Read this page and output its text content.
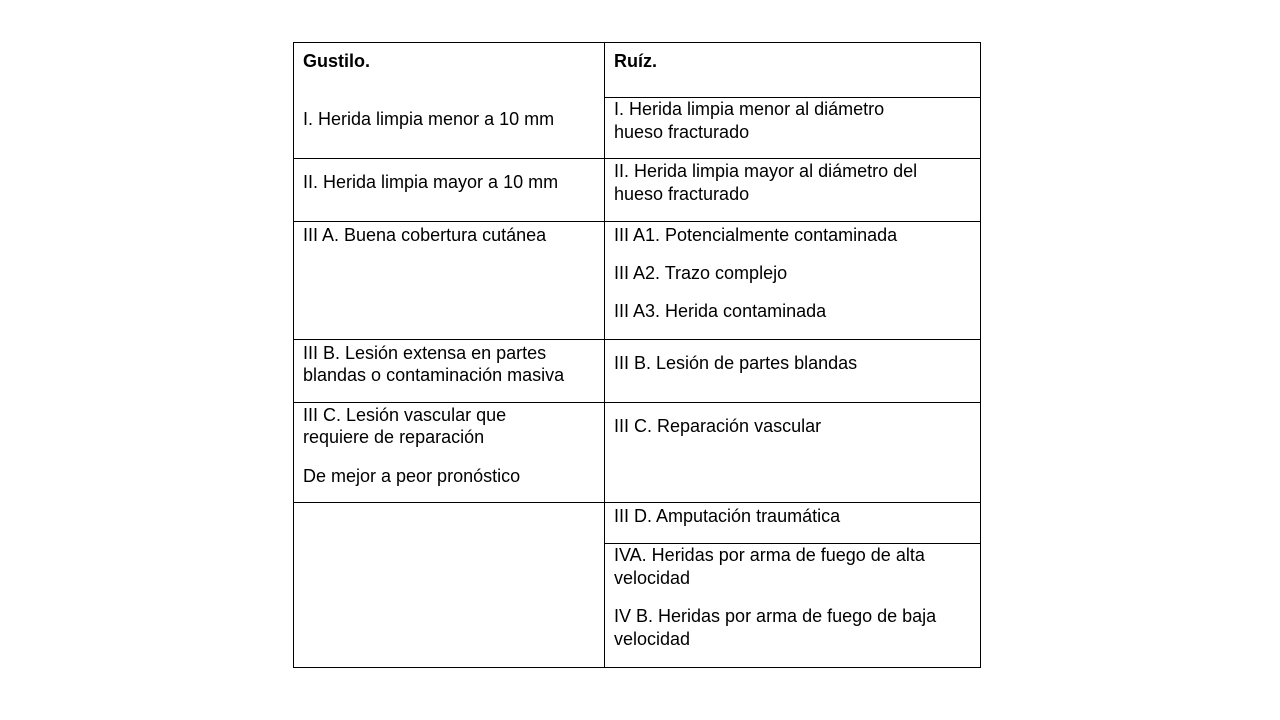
Gustilo.	Ruíz.
I. Herida limpia menor a 10 mm
II. Herida limpia mayor a 10 mm
III A. Buena cobertura cutánea
III B. Lesión extensa en partes
blandas o contaminación masiva
III C. Lesión vascular que
requiere de reparación
De mejor a peor pronóstico
I. Herida limpia menor al diámetro
hueso fracturado
II. Herida limpia mayor al diámetro del
hueso fracturado
III A1. Potencialmente contaminada
III A2. Trazo complejo
III A3. Herida contaminada
III B. Lesión de partes blandas
III C. Reparación vascular
III D. Amputación traumática
IVA. Heridas por arma de fuego de alta
velocidad
IV B. Heridas por arma de fuego de baja
velocidad
